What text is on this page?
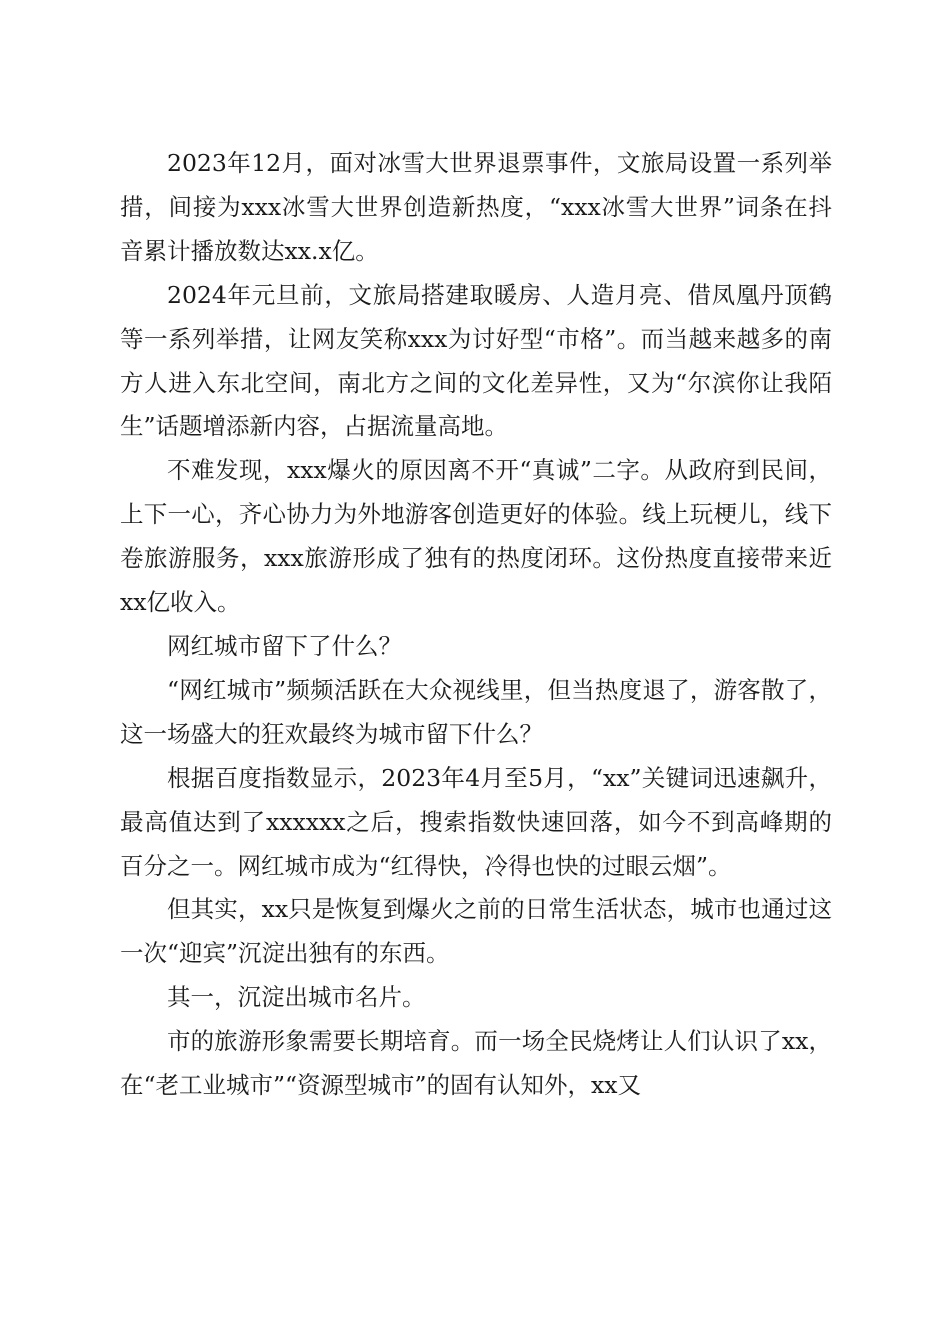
2023年12月，面对冰雪大世界退票事件，文旅局设置一系列举措，间接为xxx冰雪大世界创造新热度，“xxx冰雪大世界”词条在抖音累计播放数达xx.x亿。

2024年元旦前，文旅局搭建取暖房、人造月亮、借凤凰丹顶鹤等一系列举措，让网友笑称xxx为讨好型“市格”。而当越来越多的南方人进入东北空间，南北方之间的文化差异性，又为“尔滨你让我陌生”话题增添新内容，占据流量高地。

不难发现，xxx爆火的原因离不开“真诚”二字。从政府到民间，上下一心，齐心协力为外地游客创造更好的体验。线上玩梗儿，线下卷旅游服务，xxx旅游形成了独有的热度闭环。这份热度直接带来近xx亿收入。

网红城市留下了什么？

“网红城市”频频活跃在大众视线里，但当热度退了，游客散了，这一场盛大的狂欢最终为城市留下什么？

根据百度指数显示，2023年4月至5月，“xx”关键词迅速飙升，最高值达到了xxxxxx之后，搜索指数快速回落，如今不到高峰期的百分之一。网红城市成为“红得快，冷得也快的过眼云烟”。

但其实，xx只是恢复到爆火之前的日常生活状态，城市也通过这一次“迎宾”沉淀出独有的东西。

其一，沉淀出城市名片。

市的旅游形象需要长期培育。而一场全民烧烤让人们认识了xx，在“老工业城市”“资源型城市”的固有认知外，xx又
